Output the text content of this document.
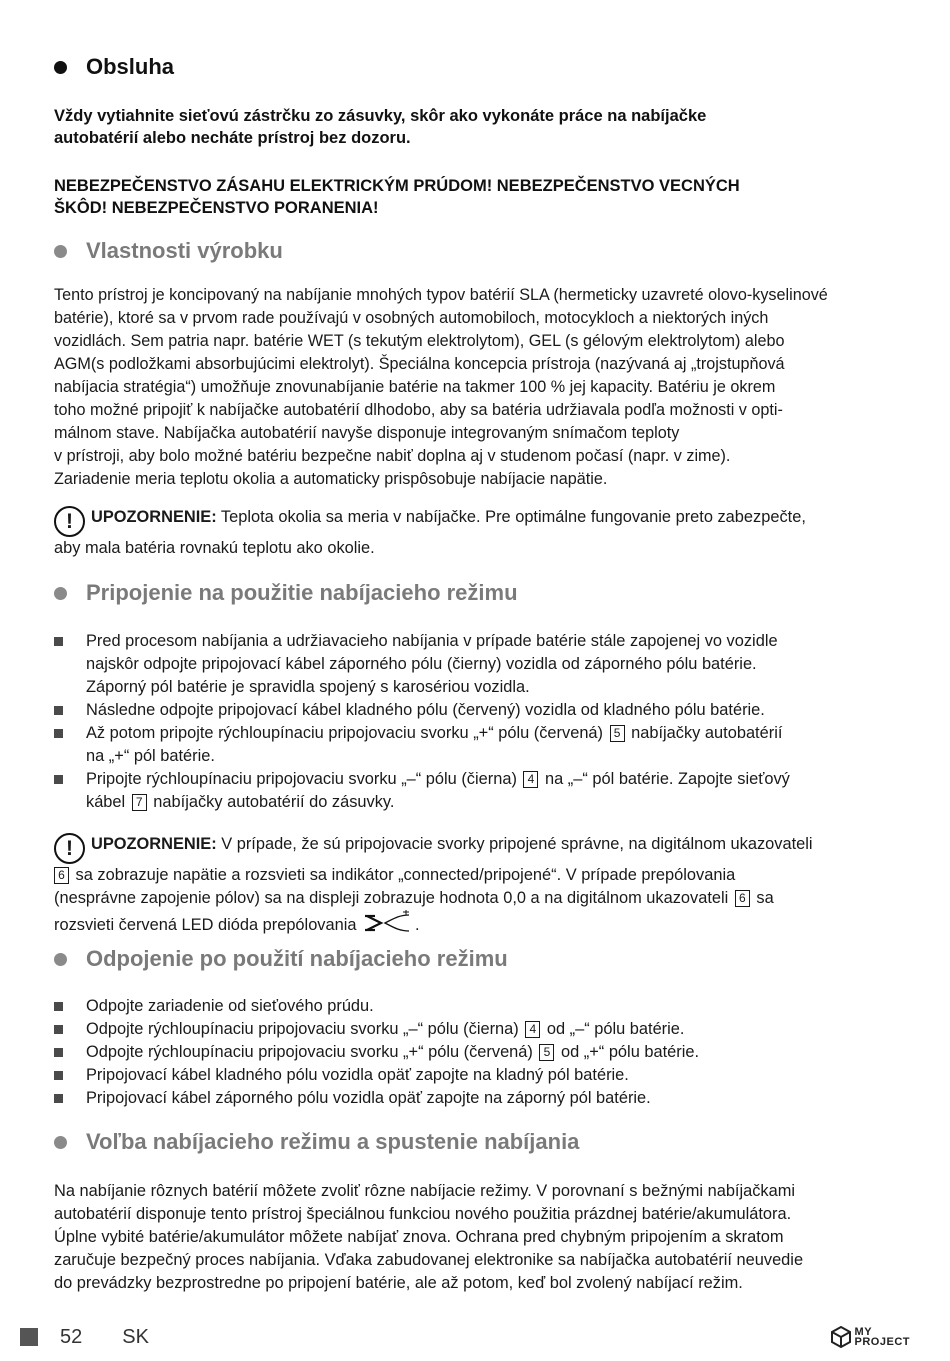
Obsluha
Vždy vytiahnite sieťovú zástrčku zo zásuvky, skôr ako vykonáte práce na nabíjačke
autobatérií alebo necháte prístroj bez dozoru.
NEBEZPEČENSTVO ZÁSAHU ELEKTRICKÝM PRÚDOM! NEBEZPEČENSTVO VECNÝCH
ŠKÔD! NEBEZPEČENSTVO PORANENIA!
Vlastnosti výrobku
Tento prístroj je koncipovaný na nabíjanie mnohých typov batérií SLA (hermeticky uzavreté olovo-kyselinové
batérie), ktoré sa v prvom rade používajú v osobných automobiloch, motocykloch a niektorých iných
vozidlách. Sem patria napr. batérie WET (s tekutým elektrolytom), GEL (s gélovým elektrolytom) alebo
AGM(s podložkami absorbujúcimi elektrolyt). Špeciálna koncepcia prístroja (nazývaná aj „trojstupňová
nabíjacia stratégia“) umožňuje znovunabíjanie batérie na takmer 100 % jej kapacity. Batériu je okrem
toho možné pripojiť k nabíjačke autobatérií dlhodobo, aby sa batéria udržiavala podľa možnosti v opti-
málnom stave. Nabíjačka autobatérií navyše disponuje integrovaným snímačom teploty
v prístroji, aby bolo možné batériu bezpečne nabiť doplna aj v studenom počasí (napr. v zime).
Zariadenie meria teplotu okolia a automaticky prispôsobuje nabíjacie napätie.
! UPOZORNENIE: Teplota okolia sa meria v nabíjačke. Pre optimálne fungovanie preto zabezpečte,
aby mala batéria rovnakú teplotu ako okolie.
Pripojenie na použitie nabíjacieho režimu
Pred procesom nabíjania a udržiavacieho nabíjania v prípade batérie stále zapojenej vo vozidle
najskôr odpojte pripojovací kábel záporného pólu (čierny) vozidla od záporného pólu batérie.
Záporný pól batérie je spravidla spojený s karosériou vozidla.
Následne odpojte pripojovací kábel kladného pólu (červený) vozidla od kladného pólu batérie.
Až potom pripojte rýchloupínaciu pripojovaciu svorku „+“ pólu (červená) 5 nabíjačky autobatérií
na „+“ pól batérie.
Pripojte rýchloupínaciu pripojovaciu svorku „–“ pólu (čierna) 4 na „–“ pól batérie. Zapojte sieťový
kábel 7 nabíjačky autobatérií do zásuvky.
! UPOZORNENIE: V prípade, že sú pripojovacie svorky pripojené správne, na digitálnom ukazovateli
6 sa zobrazuje napätie a rozsvieti sa indikátor „connected/pripojené“. V prípade prepólovania
(nesprávne zapojenie pólov) sa na displeji zobrazuje hodnota 0,0 a na digitálnom ukazovateli 6 sa
rozsvieti červená LED dióda prepólovania	.
Odpojenie po použití nabíjacieho režimu
Odpojte zariadenie od sieťového prúdu.
Odpojte rýchloupínaciu pripojovaciu svorku „–“ pólu (čierna) 4 od „–“ pólu batérie.
Odpojte rýchloupínaciu pripojovaciu svorku „+“ pólu (červená) 5 od „+“ pólu batérie.
Pripojovací kábel kladného pólu vozidla opäť zapojte na kladný pól batérie.
Pripojovací kábel záporného pólu vozidla opäť zapojte na záporný pól batérie.
Voľba nabíjacieho režimu a spustenie nabíjania
Na nabíjanie rôznych batérií môžete zvoliť rôzne nabíjacie režimy. V porovnaní s bežnými nabíjačkami
autobatérií disponuje tento prístroj špeciálnou funkciou nového použitia prázdnej batérie/akumulátora.
Úplne vybité batérie/akumulátor môžete nabíjať znova. Ochrana pred chybným pripojením a skratom
zaručuje bezpečný proces nabíjania. Vďaka zabudovanej elektronike sa nabíjačka autobatérií neuvedie
do prevádzky bezprostredne po pripojení batérie, ale až potom, keď bol zvolený nabíjací režim.
52 SK	MY
PROJECT
